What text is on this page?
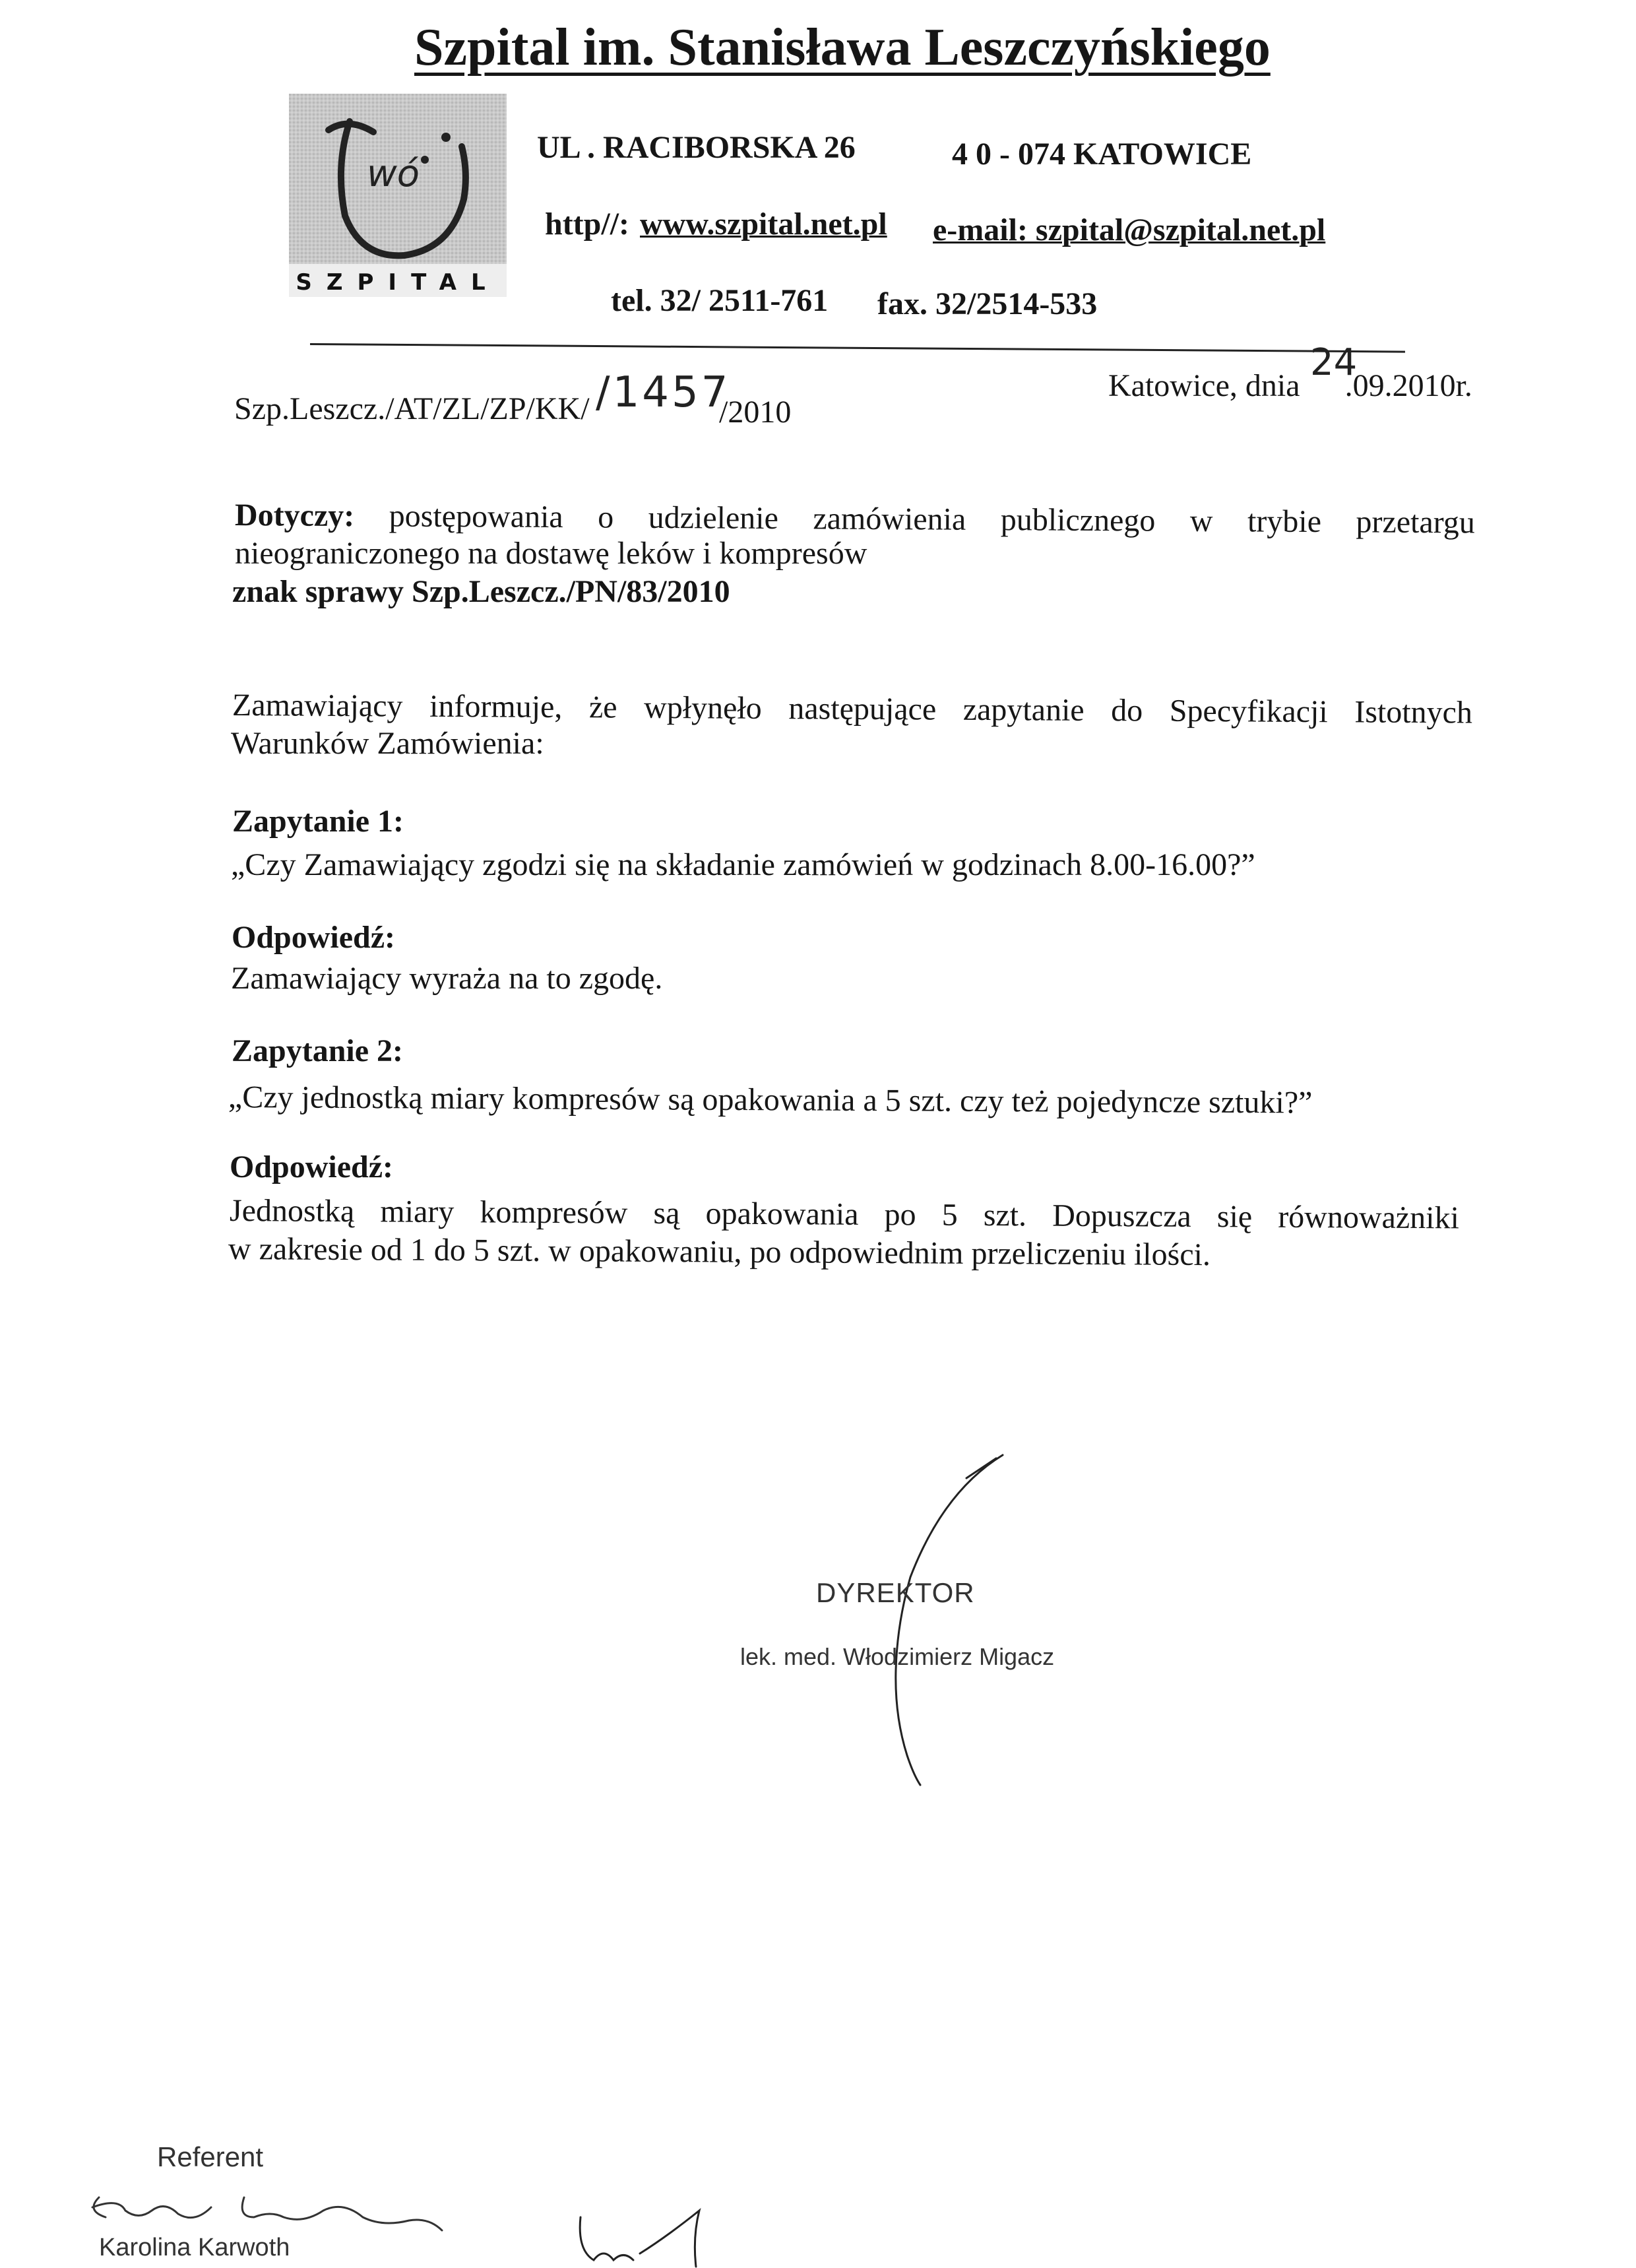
Szpital im. Stanisława Leszczyńskiego
wó
SZPITAL
UL . RACIBORSKA 26	4 0 - 074 KATOWICE
http//: www.szpital.net.pl e-mail: szpital@szpital.net.pl
tel. 32/ 2511-761 fax. 32/2514-533
Szp.Leszcz./AT/ZL/ZP/KK/ /1457
/2010
Katowice, dnia .09.2010r.
24
Dotyczy: postępowania o udzielenie zamówienia publicznego w trybie przetargu
nieograniczonego na dostawę leków i kompresów
znak sprawy Szp.Leszcz./PN/83/2010
Zamawiający informuje, że wpłynęło następujące zapytanie do Specyfikacji Istotnych
Warunków Zamówienia:
Zapytanie 1:
„Czy Zamawiający zgodzi się na składanie zamówień w godzinach 8.00-16.00?”
Odpowiedź:
Zamawiający wyraża na to zgodę.
Zapytanie 2:
„Czy jednostką miary kompresów są opakowania a 5 szt. czy też pojedyncze sztuki?”
Odpowiedź:
Jednostką miary kompresów są opakowania po 5 szt. Dopuszcza się równoważniki
w zakresie od 1 do 5 szt. w opakowaniu, po odpowiednim przeliczeniu ilości.
DYREKTOR
lek. med. Włodzimierz Migacz
Referent
Karolina Karwoth
